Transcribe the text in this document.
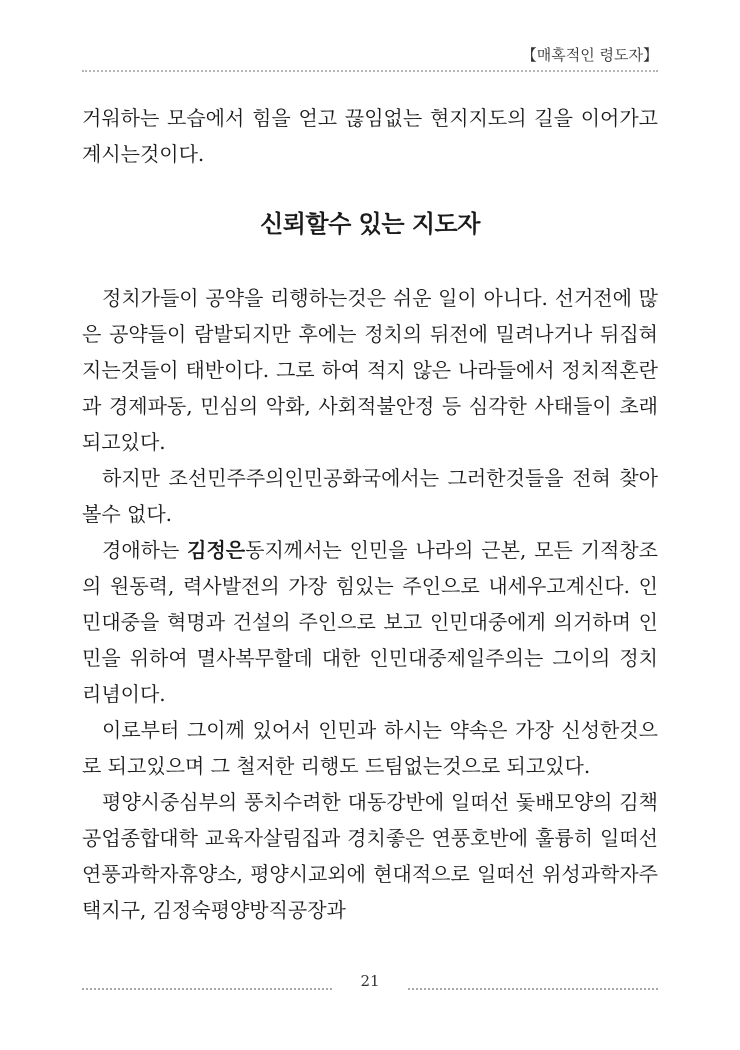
【매혹적인 령도자】

거워하는 모습에서 힘을 얻고 끊임없는 현지지도의 길을 이어가고계시는것이다.

신뢰할수 있는 지도자

정치가들이 공약을 리행하는것은 쉬운 일이 아니다. 선거전에 많은 공약들이 람발되지만 후에는 정치의 뒤전에 밀려나거나 뒤집혀지는것들이 태반이다. 그로 하여 적지 않은 나라들에서 정치적혼란과 경제파동, 민심의 악화, 사회적불안정 등 심각한 사태들이 초래되고있다.

하지만 조선민주주의인민공화국에서는 그러한것들을 전혀 찾아볼수 없다.

경애하는 김정은동지께서는 인민을 나라의 근본, 모든 기적창조의 원동력, 력사발전의 가장 힘있는 주인으로 내세우고계신다. 인민대중을 혁명과 건설의 주인으로 보고 인민대중에게 의거하며 인민을 위하여 멸사복무할데 대한 인민대중제일주의는 그이의 정치리념이다.

이로부터 그이께 있어서 인민과 하시는 약속은 가장 신성한것으로 되고있으며 그 철저한 리행도 드팀없는것으로 되고있다.

평양시중심부의 풍치수려한 대동강반에 일떠선 돛배모양의 김책공업종합대학 교육자살림집과 경치좋은 연풍호반에 훌륭히 일떠선 연풍과학자휴양소, 평양시교외에 현대적으로 일떠선 위성과학자주택지구, 김정숙평양방직공장과

21
